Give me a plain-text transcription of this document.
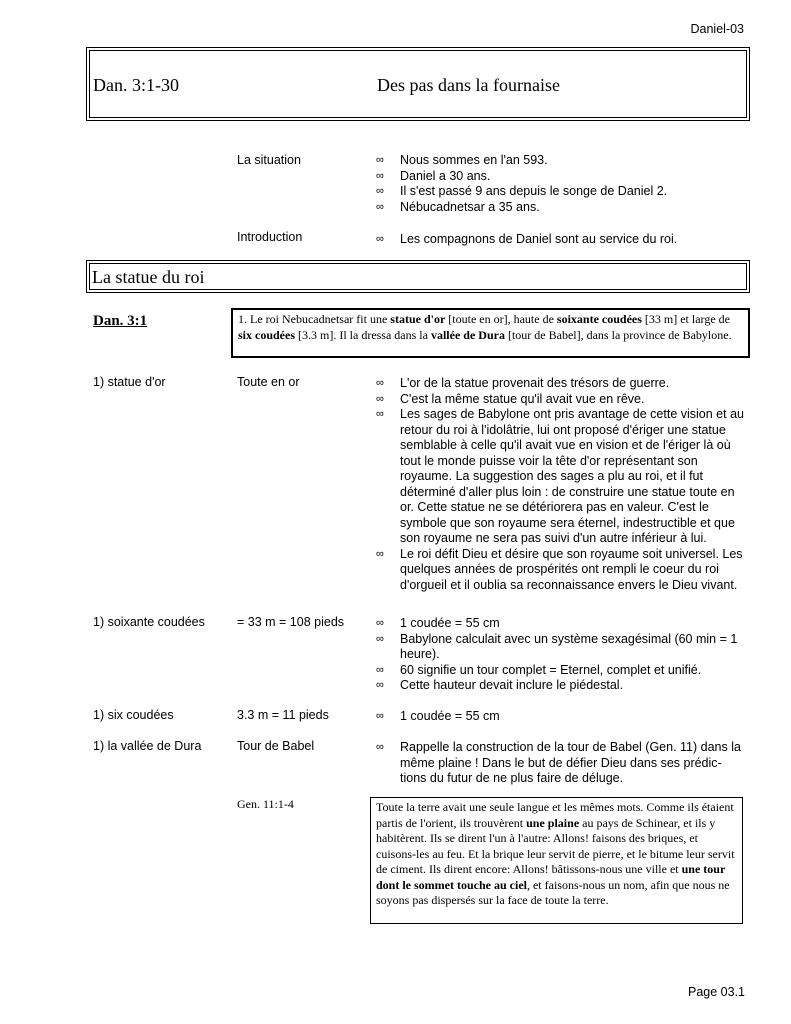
Daniel-03
Dan. 3:1-30	Des pas dans la fournaise
La situation	∞ Nous sommes en l'an 593.
∞ Daniel a 30 ans.
∞ Il s'est passé 9 ans depuis le songe de Daniel 2.
∞ Nébucadnetsar a 35 ans.
Introduction	∞ Les compagnons de Daniel sont au service du roi.
La statue du roi
Dan. 3:1	1. Le roi Nebucadnetsar fit une statue d'or [toute en or], haute de soixante coudées [33 m] et large de six coudées [3.3 m]. Il la dressa dans la vallée de Dura [tour de Babel], dans la province de Babylone.
1) statue d'or	Toute en or	∞ L'or de la statue provenait des trésors de guerre.
∞ C'est la même statue qu'il avait vue en rêve.
∞ Les sages de Babylone ont pris avantage de cette vision et au retour du roi à l'idolâtrie, lui ont proposé d'ériger une statue semblable à celle qu'il avait vue en vision et de l'ériger là où tout le monde puisse voir la tête d'or représentant son royaume. La suggestion des sages a plu au roi, et il fut déterminé d'aller plus loin : de construire une statue toute en or. Cette statue ne se détériorera pas en valeur. C'est le symbole que son royaume sera éternel, indestructible et que son royaume ne sera pas suivi d'un autre inférieur à lui.
∞ Le roi défit Dieu et désire que son royaume soit universel. Les quelques années de prospérités ont rempli le coeur du roi d'orgueil et il oublia sa reconnaissance envers le Dieu vivant.
1) soixante coudées	= 33 m = 108 pieds	∞ 1 coudée = 55 cm
∞ Babylone calculait avec un système sexagésimal (60 min = 1 heure).
∞ 60 signifie un tour complet = Eternel, complet et unifié.
∞ Cette hauteur devait inclure le piédestal.
1) six coudées	3.3 m = 11 pieds	∞ 1 coudée = 55 cm
1) la vallée de Dura	Tour de Babel	∞ Rappelle la construction de la tour de Babel (Gen. 11) dans la même plaine ! Dans le but de défier Dieu dans ses prédic-tions du futur de ne plus faire de déluge.
Gen. 11:1-4	Toute la terre avait une seule langue et les mêmes mots. Comme ils étaient partis de l'orient, ils trouvèrent une plaine au pays de Schinear, et ils y habitèrent. Ils se dirent l'un à l'autre: Allons! faisons des briques, et cuisons-les au feu. Et la brique leur servit de pierre, et le bitume leur servit de ciment. Ils dirent encore: Allons! bâtissons-nous une ville et une tour dont le sommet touche au ciel, et faisons-nous un nom, afin que nous ne soyons pas dispersés sur la face de toute la terre.
Page 03.1
